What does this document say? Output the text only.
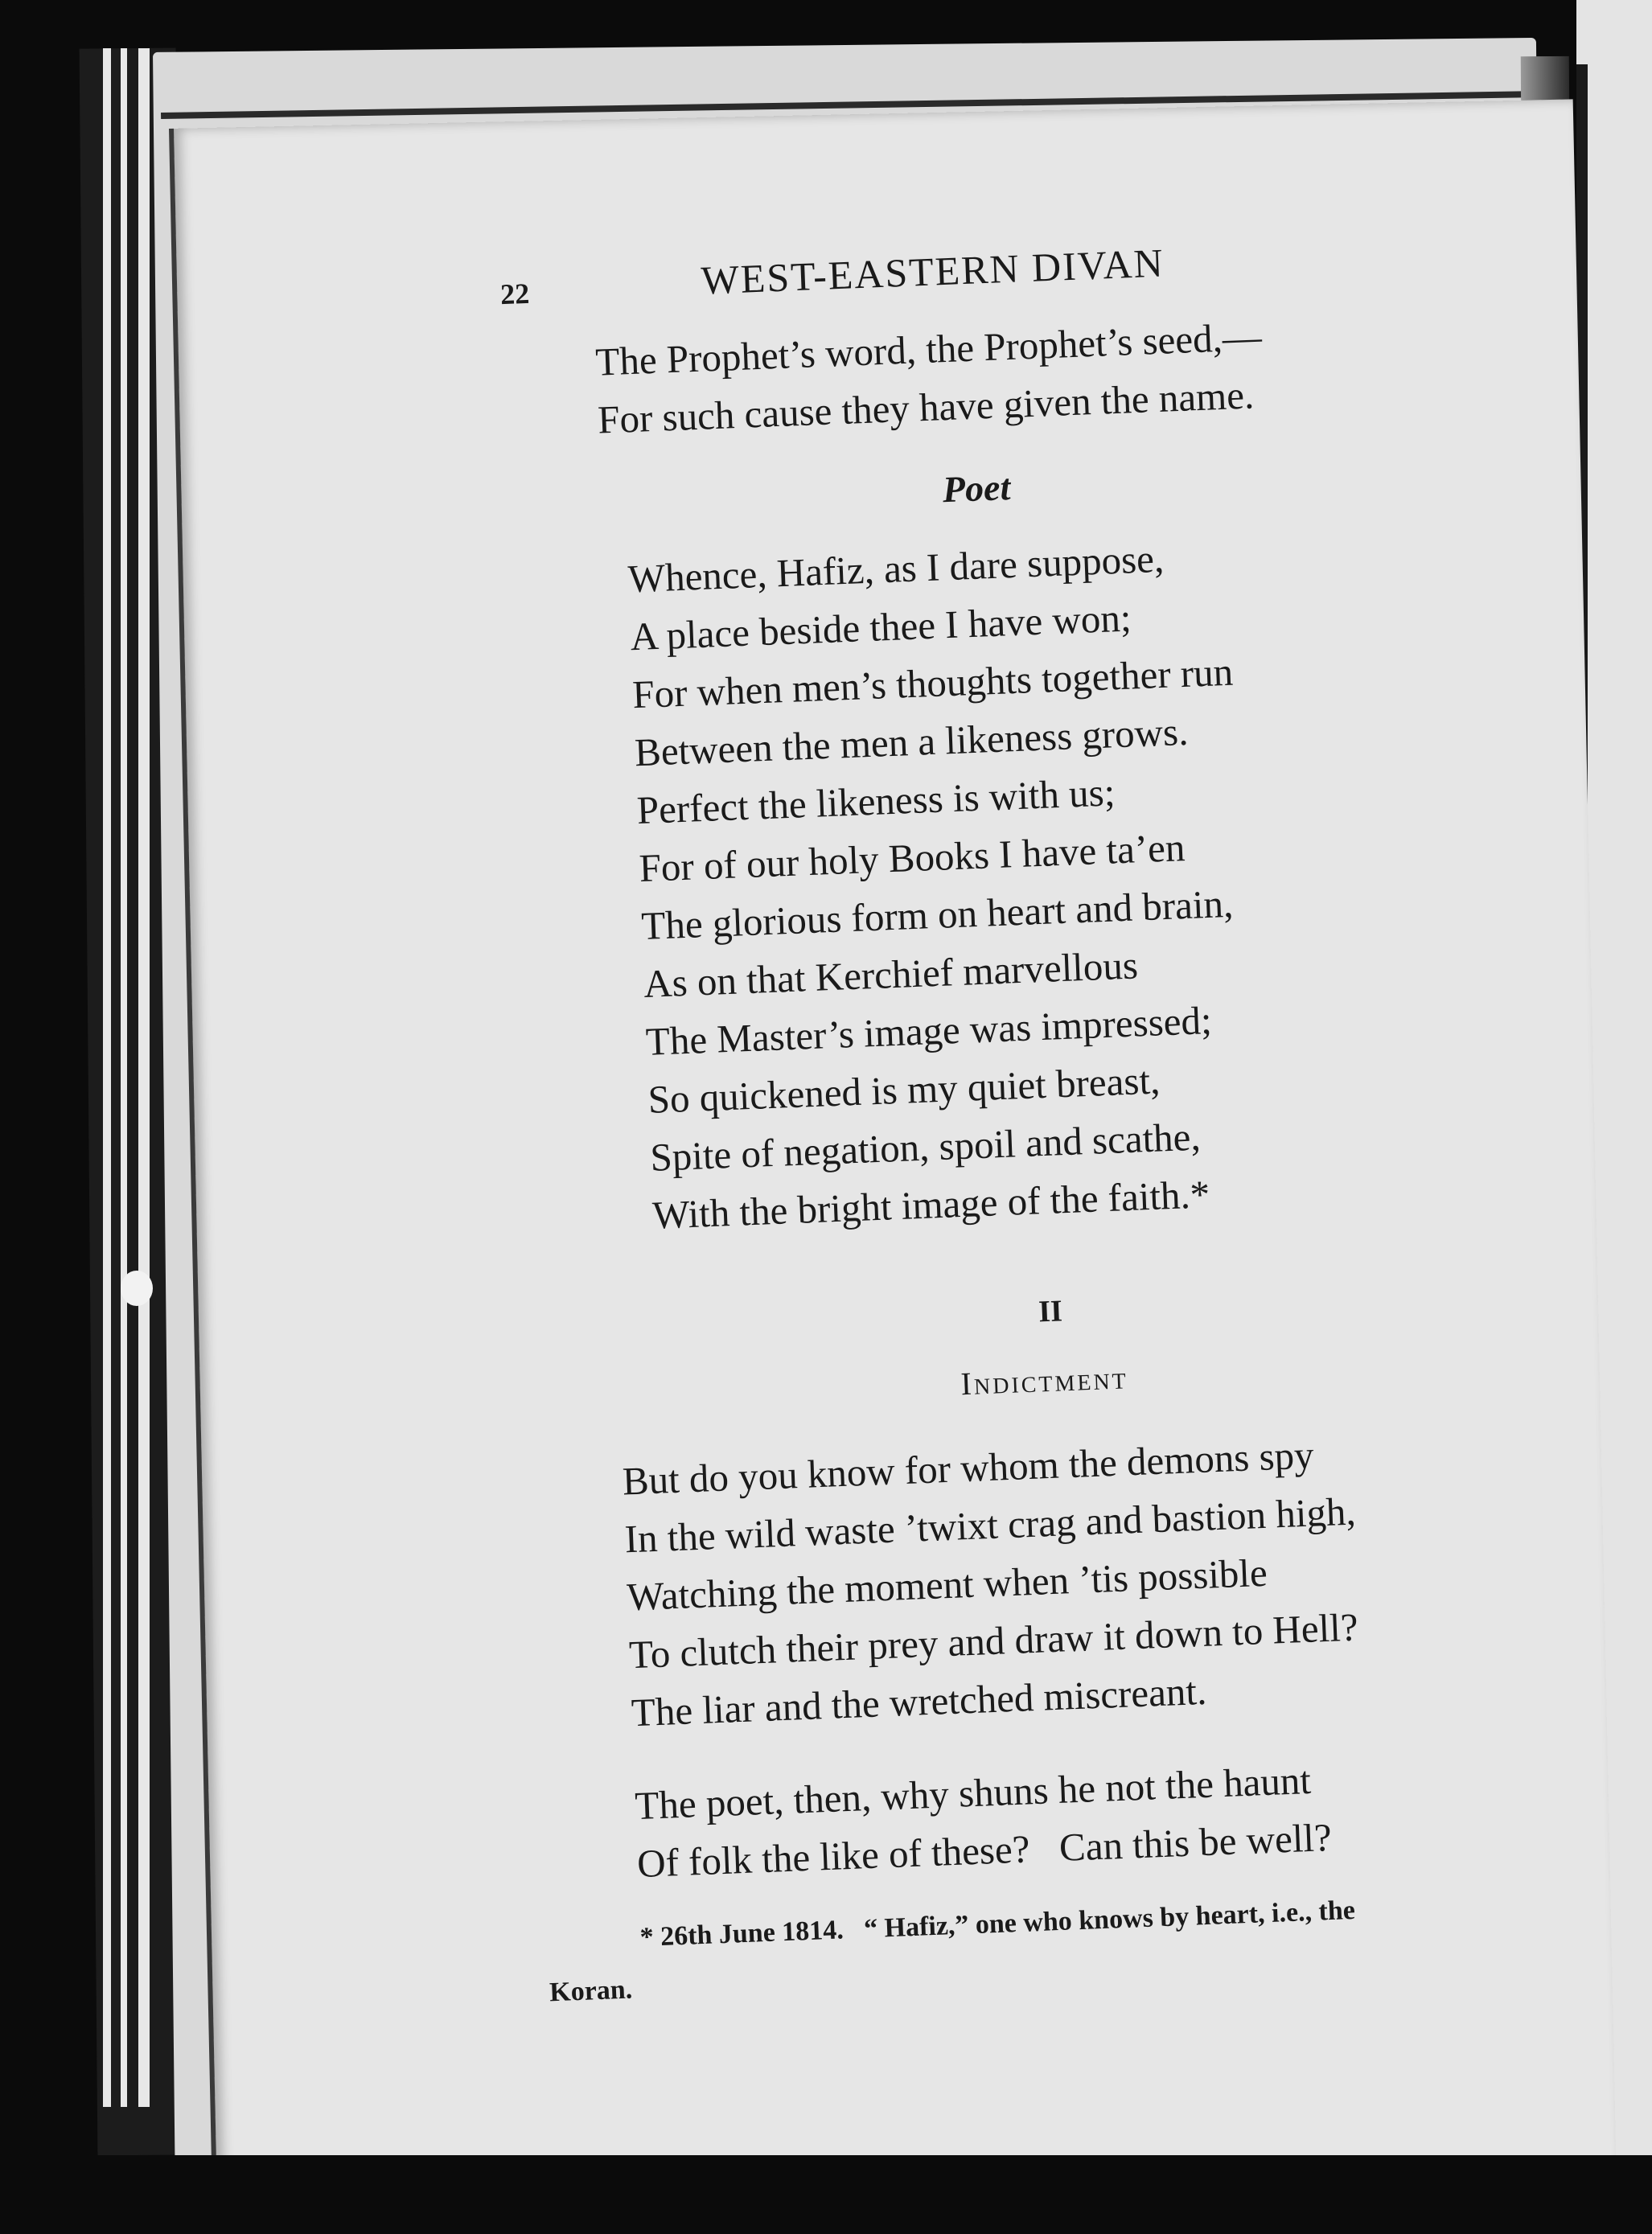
22	WEST-EASTERN DIVAN
The Prophet’s word, the Prophet’s seed,—
For such cause they have given the name.
Poet
Whence, Hafiz, as I dare suppose,
A place beside thee I have won;
For when men’s thoughts together run
Between the men a likeness grows.
Perfect the likeness is with us;
For of our holy Books I have ta’en
The glorious form on heart and brain,
As on that Kerchief marvellous
The Master’s image was impressed;
So quickened is my quiet breast,
Spite of negation, spoil and scathe,
With the bright image of the faith.*
II
Indictment
But do you know for whom the demons spy
In the wild waste ’twixt crag and bastion high,
Watching the moment when ’tis possible
To clutch their prey and draw it down to Hell?
The liar and the wretched miscreant.
The poet, then, why shuns he not the haunt
Of folk the like of these?   Can this be well?
* 26th June 1814.   “ Hafiz,” one who knows by heart, i.e., the
Koran.
